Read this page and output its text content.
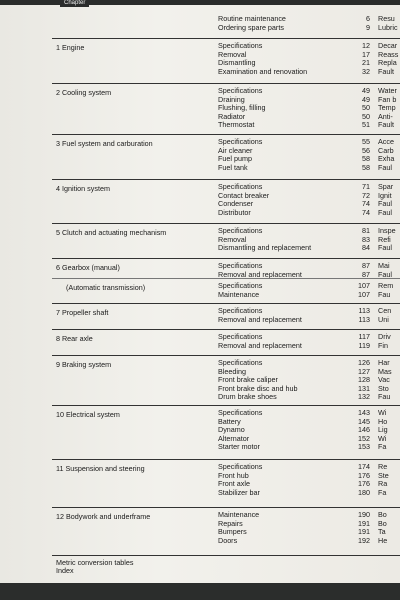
Chapter
Routine maintenance	6 Resu
Ordering spare parts	9 Lubric
1 Engine	Specifications	12 Decar
Removal	17 Reass
Dismantling	21 Repla
Examination and renovation	32 Fault
2 Cooling system	Specifications	49 Water
Draining	49 Fan b
Flushing, filling	50 Temp
Radiator	50 Anti-
Thermostat	51 Fault
3 Fuel system and carburation	Specifications	55 Acce
Air cleaner	56 Carb
Fuel pump	58 Exha
Fuel tank	58 Faul
4 Ignition system	Specifications	71 Spar
Contact breaker	72 Ignit
Condenser	74 Faul
Distributor	74 Faul
5 Clutch and actuating mechanism	Specifications	81 Inspe
Removal	83 Refi
Dismantling and replacement	84 Faul
6 Gearbox (manual)	Specifications	87 Mai
Removal and replacement	87 Faul
(Automatic transmission)	Specifications	107 Rem
Maintenance	107 Fau
7 Propeller shaft	Specifications	113 Cen
Removal and replacement	113 Uni
8 Rear axle	Specifications	117 Driv
Removal and replacement	119 Fin
9 Braking system	Specifications	126 Har
Bleeding	127 Mas
Front brake caliper	128 Vac
Front brake disc and hub	131 Sto
Drum brake shoes	132 Fau
10 Electrical system	Specifications	143 Wi
Battery	145 Ho
Dynamo	146 Lig
Alternator	152 Wi
Starter motor	153 Fa
11 Suspension and steering	Specifications	174 Re
Front hub	176 Ste
Front axle	176 Ra
Stabilizer bar	180 Fa
12 Bodywork and underframe	Maintenance	190 Bo
Repairs	191 Bo
Bumpers	191 Ta
Doors	192 He
Metric conversion tables
Index
